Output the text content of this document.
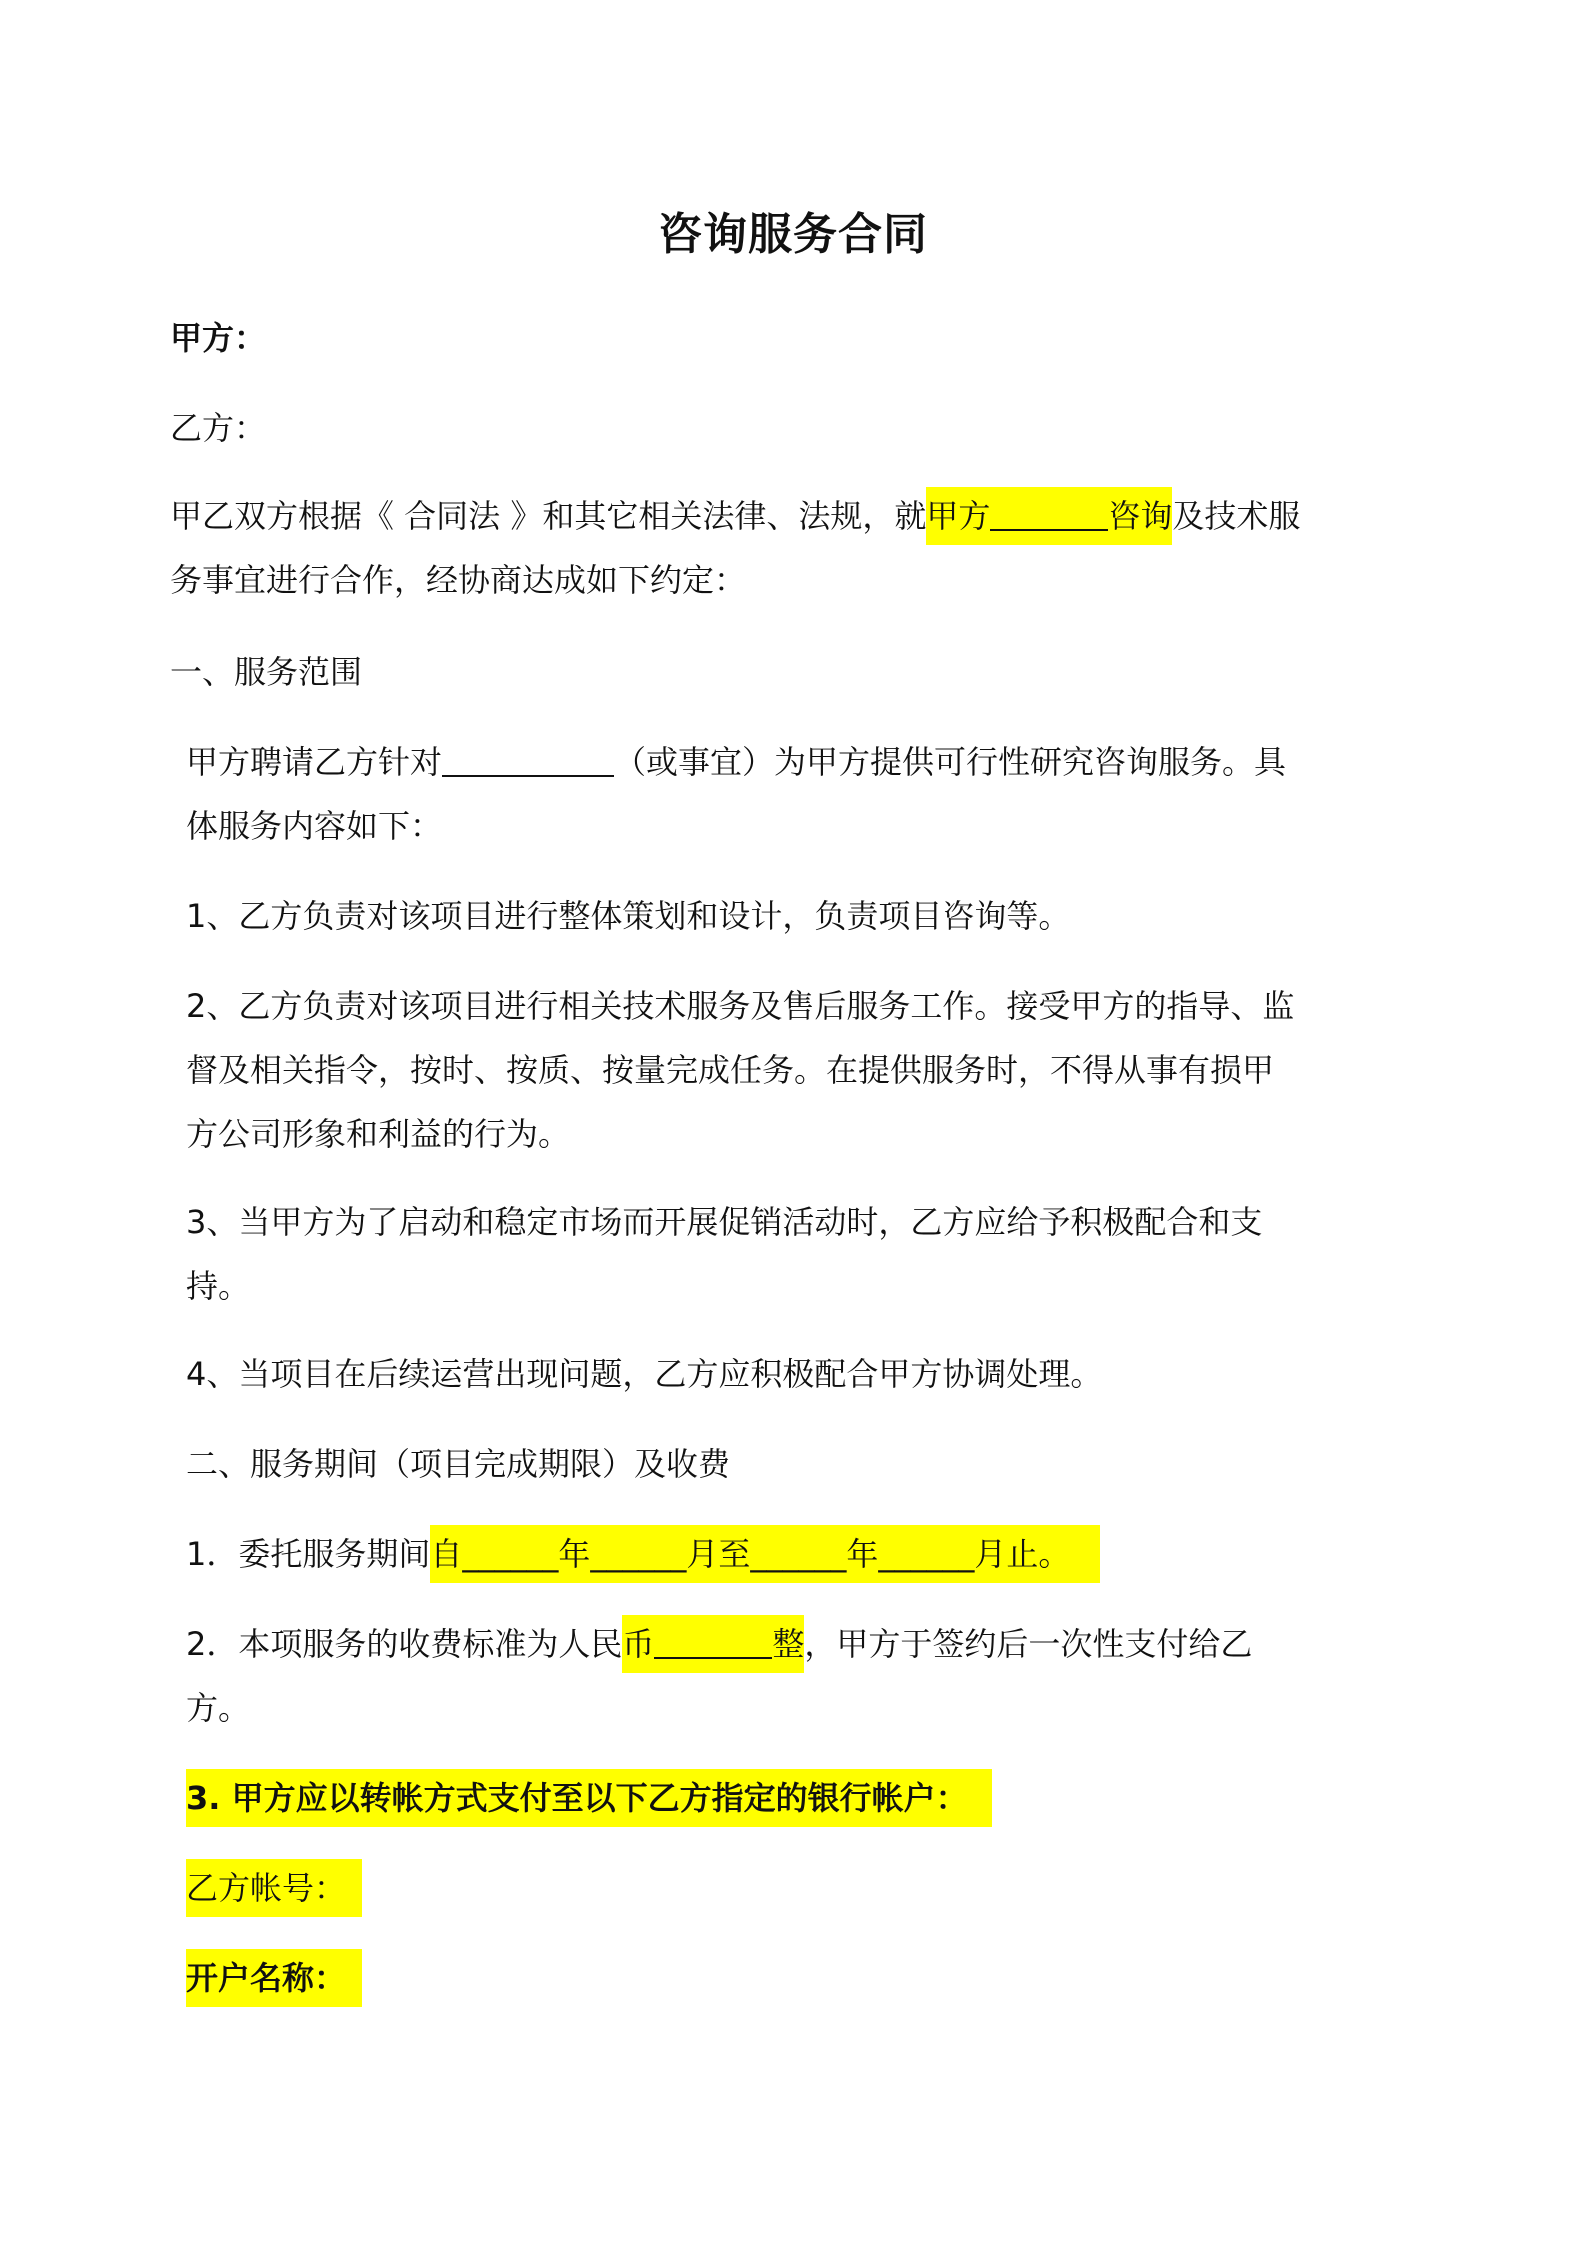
咨询服务合同
甲方：
乙方：
甲乙双方根据《 合同法 》和其它相关法律、法规，就甲方	咨询及技术服
务事宜进行合作，经协商达成如下约定：
一、服务范围
甲方聘请乙方针对	（或事宜）为甲方提供可行性研究咨询服务。具
体服务内容如下：
1、乙方负责对该项目进行整体策划和设计，负责项目咨询等。
2、乙方负责对该项目进行相关技术服务及售后服务工作。接受甲方的指导、监
督及相关指令，按时、按质、按量完成任务。在提供服务时，不得从事有损甲
方公司形象和利益的行为。
3、当甲方为了启动和稳定市场而开展促销活动时，乙方应给予积极配合和支
持。
4、当项目在后续运营出现问题，乙方应积极配合甲方协调处理。
二、服务期间（项目完成期限）及收费
1．委托服务期间自______年______月至______年______月止。
2．本项服务的收费标准为人民币	整，甲方于签约后一次性支付给乙
方。
3. 甲方应以转帐方式支付至以下乙方指定的银行帐户：
乙方帐号：
开户名称：
